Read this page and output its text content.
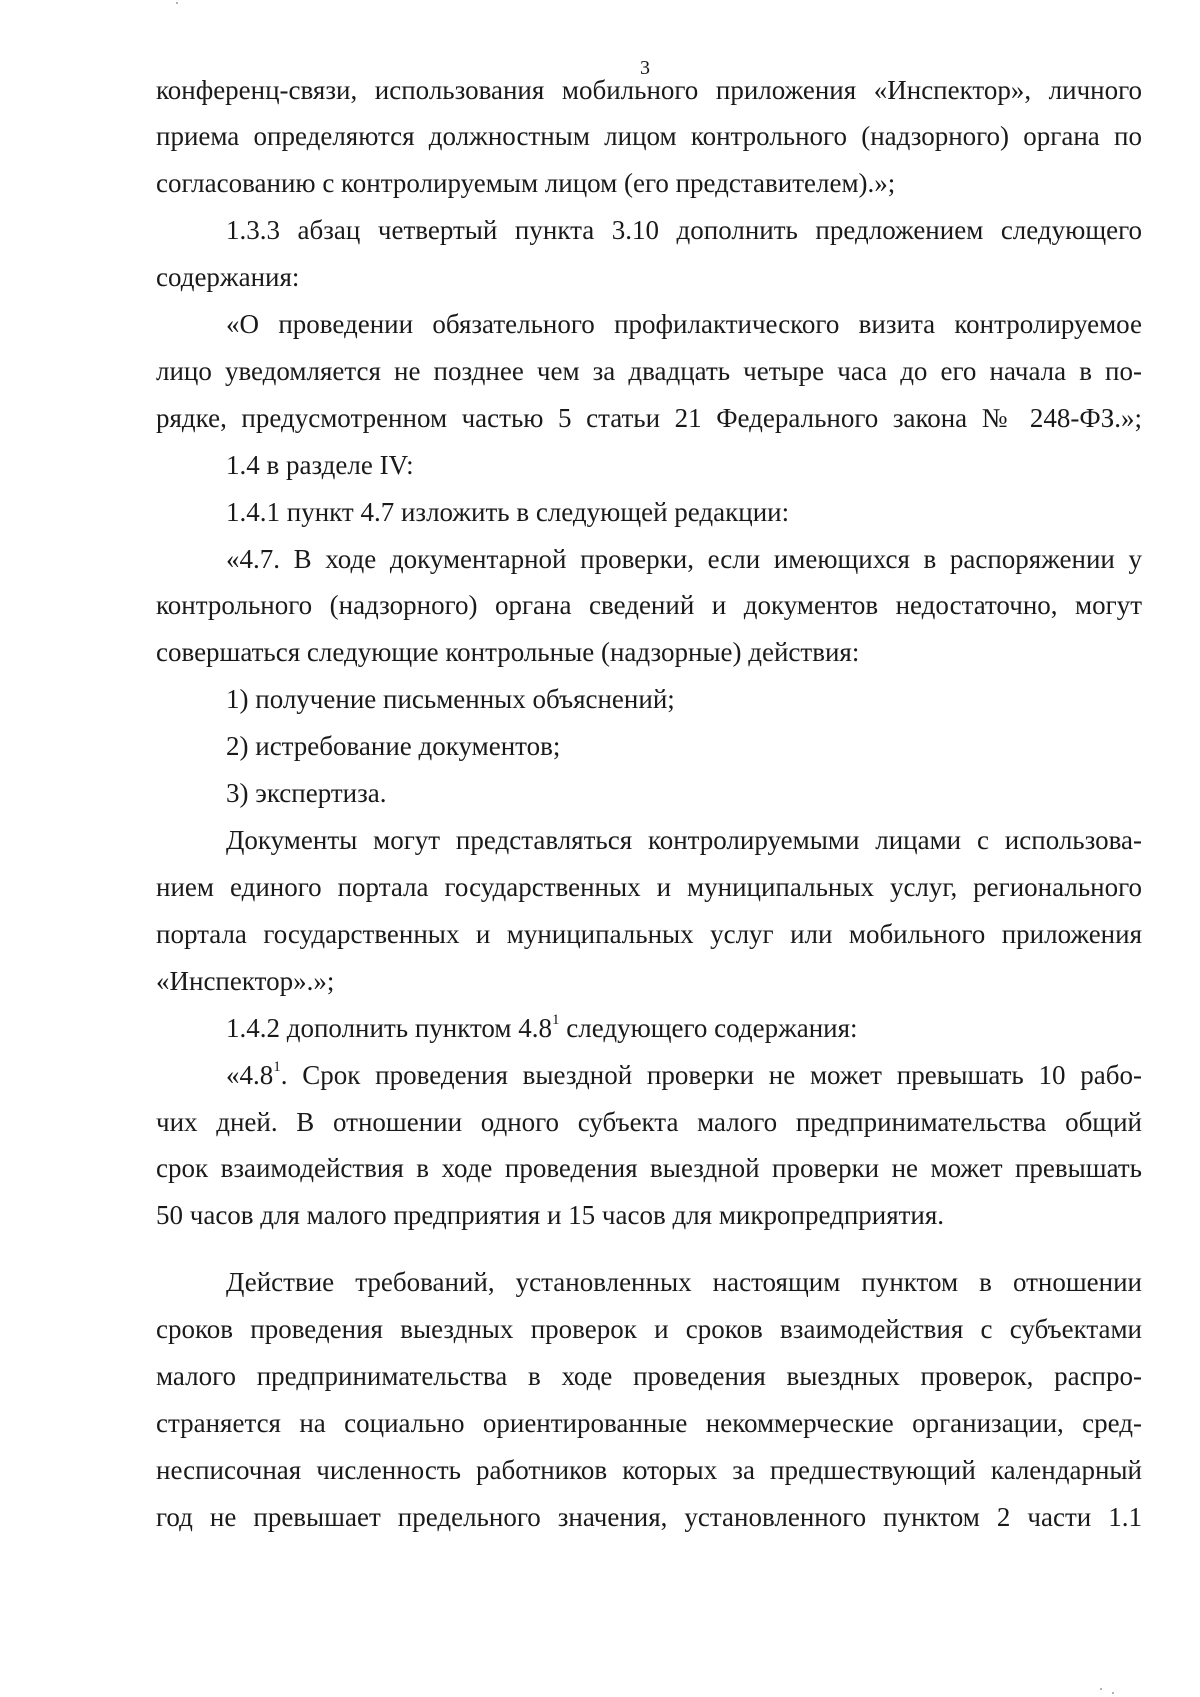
3
конференц-связи, использования мобильного приложения «Инспектор», личного
приема определяются должностным лицом контрольного (надзорного) органа по
согласованию с контролируемым лицом (его представителем).»;
1.3.3 абзац четвертый пункта 3.10 дополнить предложением следующего
содержания:
«О проведении обязательного профилактического визита контролируемое
лицо уведомляется не позднее чем за двадцать четыре часа до его начала в по-
рядке, предусмотренном частью 5 статьи 21 Федерального закона № 248-ФЗ.»;
1.4 в разделе IV:
1.4.1 пункт 4.7 изложить в следующей редакции:
«4.7. В ходе документарной проверки, если имеющихся в распоряжении у
контрольного (надзорного) органа сведений и документов недостаточно, могут
совершаться следующие контрольные (надзорные) действия:
1) получение письменных объяснений;
2) истребование документов;
3) экспертиза.
Документы могут представляться контролируемыми лицами с использова-
нием единого портала государственных и муниципальных услуг, регионального
портала государственных и муниципальных услуг или мобильного приложения
«Инспектор».»;
1.4.2 дополнить пунктом $4.8^1$ следующего содержания:
«$4.8^1$. Срок проведения выездной проверки не может превышать 10 рабо-
чих дней. В отношении одного субъекта малого предпринимательства общий
срок взаимодействия в ходе проведения выездной проверки не может превышать
50 часов для малого предприятия и 15 часов для микропредприятия.
Действие требований, установленных настоящим пунктом в отношении
сроков проведения выездных проверок и сроков взаимодействия с субъектами
малого предпринимательства в ходе проведения выездных проверок, распро-
страняется на социально ориентированные некоммерческие организации, сред-
несписочная численность работников которых за предшествующий календарный
год не превышает предельного значения, установленного пунктом 2 части 1.1
